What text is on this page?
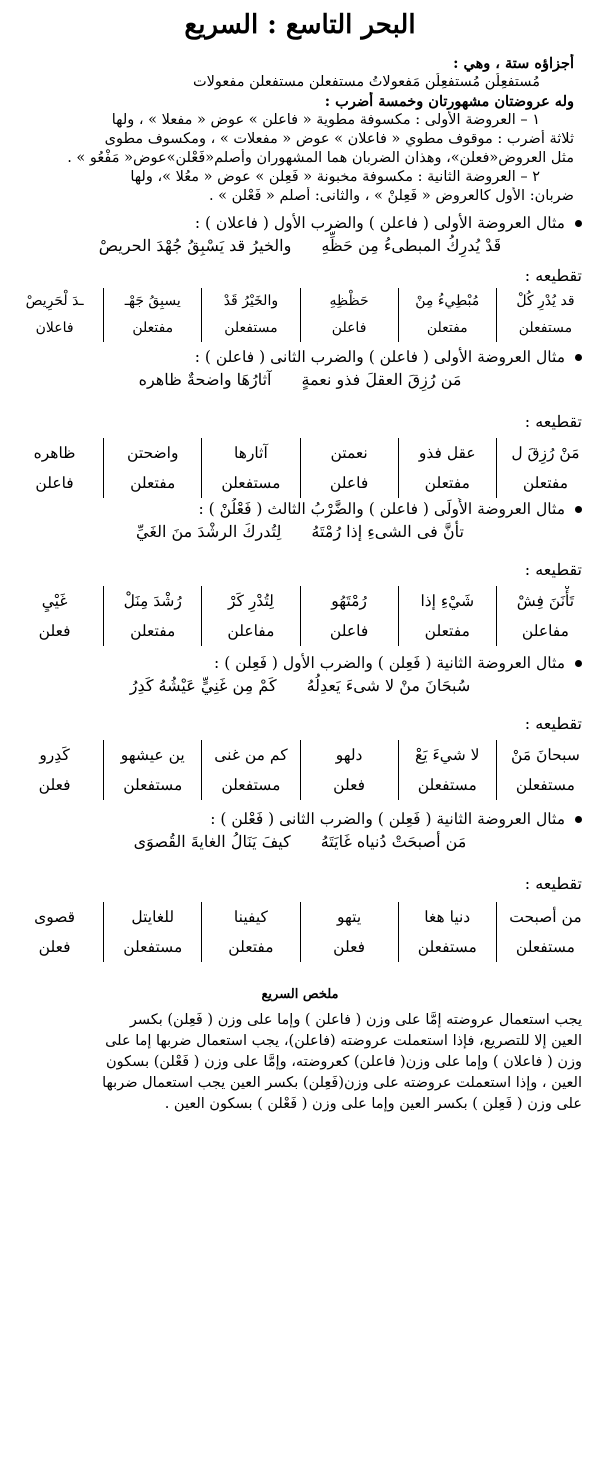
البحر التاسع : السريع
أجزاؤه ستة ، وهي :
مُستفعِلُن مُستفعِلُن مَفعولاتُ مستفعلن مستفعلن مفعولات
وله عروضتان مشهورتان وخمسة أضرب :
١ – العروضة الأولى : مكسوفة مطوية « فاعلن » عوض « مفعلا » ، ولها
ثلاثة أضرب : موقوف مطوي « فاعلان » عوض « مفعلات » ، ومكسوف مطوى
مثل العروض«فعلن»، وهذان الضربان هما المشهوران وأصلم«فَعْلن»عوض« مَفْعُو » .
٢ – العروضة الثانية : مكسوفة مخبونة « فَعِلن » عوض « معُلا »، ولها
ضربان: الأول كالعروض « فَعِلنْ » ، والثانى: أصلم « فَعْلن » .
مثال العروضة الأولى ( فاعلن ) والضرب الأول ( فاعلان ) :
قَدْ يُدرِكُ المبطىءُ مِن حَظِّهِ
والخيرُ قد يَسْبِقُ جُهْدَ الحريصْ
تقطيعه :
قد يُدْرِ كُلْ
مستفعلن
مُبْطِيءُ مِنْ
مفتعلن
حَظْظِهِ
فاعلن
والخَيْرُ قَدْ
مستفعلن
يسبِقُ جَهْـ
مفتعلن
ـدَ لْحَرِيصْ
فاعلان
مثال العروضة الأولى ( فاعلن ) والضرب الثانى ( فاعلن ) :
مَن رُزِقَ العقلَ فذو نعمةٍ
آثارُهَا واضحةٌ ظاهره
تقطيعه :
مَنْ رُزِقَ ل
مفتعلن
عقل فذو
مفتعلن
نعمتن
فاعلن
آثارها
مستفعلن
واضحتن
مفتعلن
ظاهره
فاعلن
مثال العروضة الأُولَى ( فاعلن ) والضَّرْبُ الثالث ( فَعْلُنْ ) :
تأنَّ فى الشىءِ إذا رُمْتَهُ
لِتُدركَ الرشْدَ منَ الغَيِّ
تقطيعه :
تَأْنَنَ فِشْ
مفاعلن
شَيْءِ إذا
مفتعلن
رُمْتَهُو
فاعلن
لِتُدْرِ كَرْ
مفاعلن
رُشْدَ مِنَلْ
مفتعلن
غَيْيِ
فعلن
مثال العروضة الثانية ( فَعِلن ) والضرب الأول ( فَعِلن ) :
سُبحَانَ منْ لا شىءَ يَعدِلُهُ
كَمْ مِن غَنِيٍّ عَيْشُهُ كَدِرُ
تقطيعه :
سبحانَ مَنْ
مستفعلن
لا شيءَ يَعْ
مستفعلن
دلهو
فعلن
كم من غنى
مستفعلن
ين عيشهو
مستفعلن
كَدِرو
فعلن
مثال العروضة الثانية ( فَعِلن ) والضرب الثانى ( فَعْلن ) :
مَن أصبحَتْ دُنياه غَايَتَهُ
كيفَ يَنَالُ الغايةَ القُصوَى
تقطيعه :
من أصبحت
مستفعلن
دنيا هغا
مستفعلن
يتهو
فعلن
كيفينا
مفتعلن
للغايتل
مستفعلن
قصوى
فعلن
ملخص السريع
يجب استعمال عروضته إمَّا على وزن ( فاعلن ) وإما على وزن ( فَعِلن) بكسر
العين إلا للتصريع، فإذا استعملت عروضته (فاعلن)، يجب استعمال ضربها إما على
وزن ( فاعلان ) وإما على وزن( فاعلن) كعروضته، وإمَّا على وزن ( فَعْلن) بسكون
العين ، وإذا استعملت عروضته على وزن(فَعِلن) بكسر العين يجب استعمال ضربها
على وزن ( فَعِلن ) بكسر العين وإما على وزن ( فَعْلن ) بسكون العين .
